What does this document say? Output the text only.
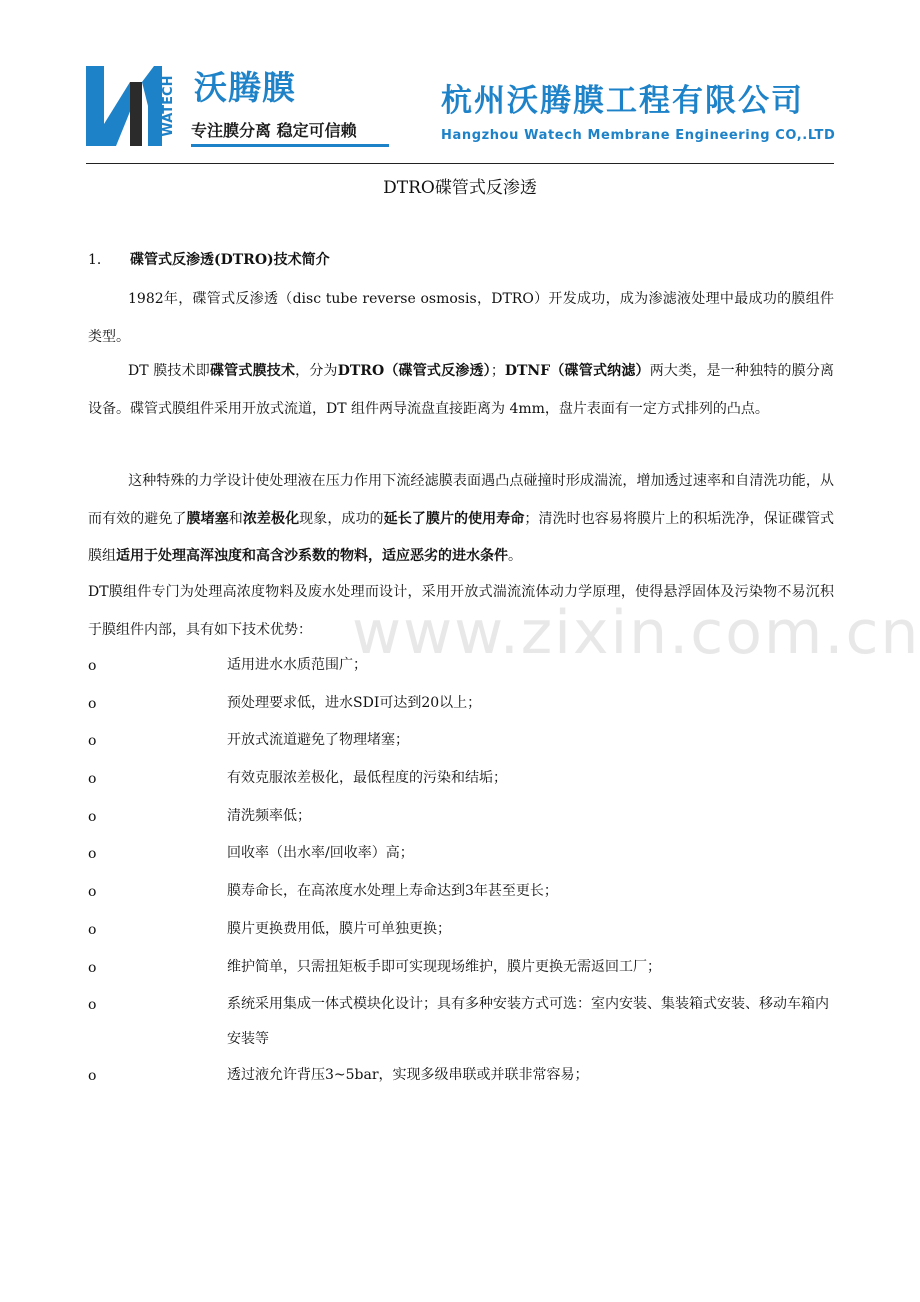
WATECH 沃腾膜
专注膜分离 稳定可信赖
杭州沃腾膜工程有限公司
Hangzhou Watech Membrane Engineering CO,.LTD
DTRO碟管式反渗透
1． 碟管式反渗透(DTRO)技术简介
1982年，碟管式反渗透（disc tube reverse osmosis，DTRO）开发成功，成为渗滤液处理中最成功的膜组件类型。
DT 膜技术即碟管式膜技术，分为DTRO（碟管式反渗透）；DTNF（碟管式纳滤）两大类，是一种独特的膜分离设备。碟管式膜组件采用开放式流道，DT 组件两导流盘直接距离为 4mm，盘片表面有一定方式排列的凸点。
这种特殊的力学设计使处理液在压力作用下流经滤膜表面遇凸点碰撞时形成湍流，增加透过速率和自清洗功能，从而有效的避免了膜堵塞和浓差极化现象，成功的延长了膜片的使用寿命；清洗时也容易将膜片上的积垢洗净，保证碟管式膜组适用于处理高浑浊度和高含沙系数的物料，适应恶劣的进水条件。
DT膜组件专门为处理高浓度物料及废水处理而设计，采用开放式湍流流体动力学原理，使得悬浮固体及污染物不易沉积于膜组件内部，具有如下技术优势： www.zixin.com.cn
o	适用进水水质范围广；
o	预处理要求低，进水SDI可达到20以上；
o	开放式流道避免了物理堵塞；
o	有效克服浓差极化，最低程度的污染和结垢；
o	清洗频率低；
o	回收率（出水率/回收率）高；
o	膜寿命长，在高浓度水处理上寿命达到3年甚至更长；
o	膜片更换费用低，膜片可单独更换；
o	维护简单，只需扭矩板手即可实现现场维护，膜片更换无需返回工厂；
o	系统采用集成一体式模块化设计；具有多种安装方式可选：室内安装、集装箱式安装、移动车箱内安装等
o	透过液允许背压3~5bar，实现多级串联或并联非常容易；
